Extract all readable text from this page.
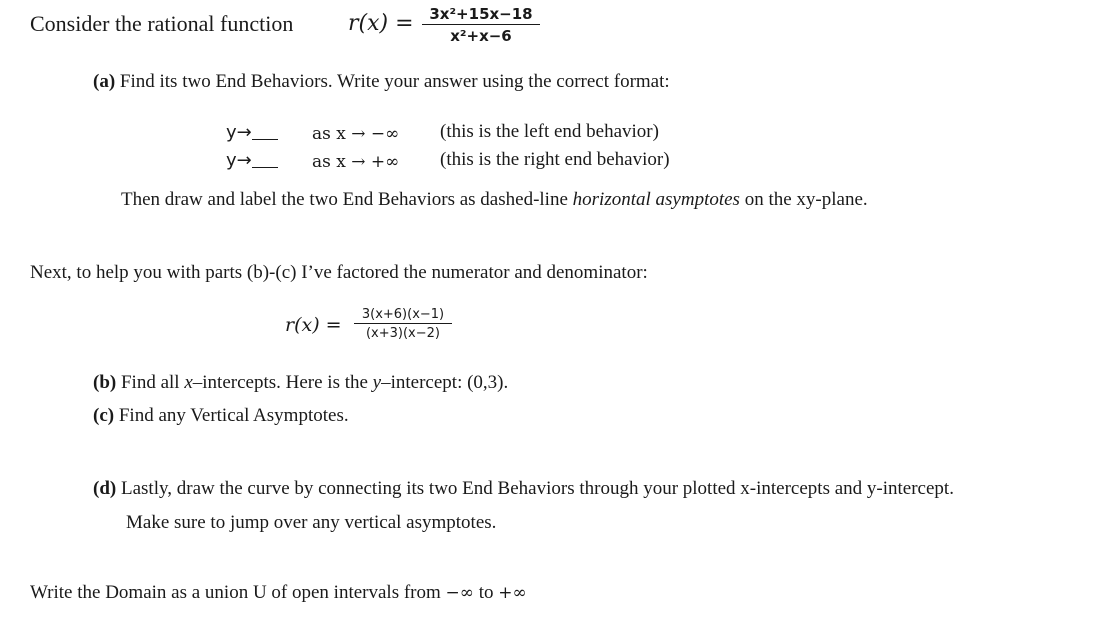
Consider the rational function r(x) =	3x²+15x−18
x²+x−6
(a) Find its two End Behaviors. Write your answer using the correct format:
y→	as x → −∞ (this is the left end behavior)
y→	as x → +∞ (this is the right end behavior)
Then draw and label the two End Behaviors as dashed-line horizontal asymptotes on the xy-plane.
Next, to help you with parts (b)-(c) I’ve factored the numerator and denominator:
r(x) =	3(x+6)(x−1)
(x+3)(x−2)
(b) Find all x–intercepts. Here is the y–intercept: (0,3).
(c) Find any Vertical Asymptotes.
(d) Lastly, draw the curve by connecting its two End Behaviors through your plotted x-intercepts and y-intercept.
Make sure to jump over any vertical asymptotes.
Write the Domain as a union U of open intervals from −∞ to +∞
